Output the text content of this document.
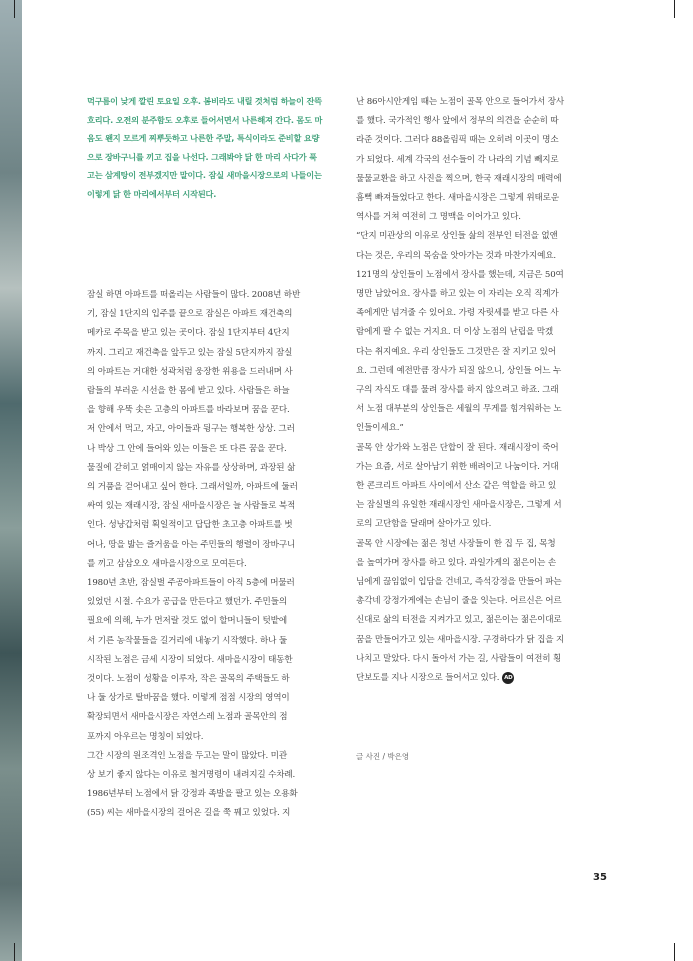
먹구름이 낮게 깔린 토요일 오후. 봄비라도 내릴 것처럼 하늘이 잔뜩

흐리다. 오전의 분주함도 오후로 들어서면서 나른해져 간다. 몸도 마

음도 왠지 모르게 찌뿌듯하고 나른한 주말, 특식이라도 준비할 요량

으로 장바구니를 끼고 집을 나선다. 그래봐야 닭 한 마리 사다가 푹

고는 삼계탕이 전부겠지만 말이다. 잠실 새마을시장으로의 나들이는

이렇게 닭 한 마리에서부터 시작된다.

잠실 하면 아파트를 떠올리는 사람들이 많다. 2008년 하반

기, 잠실 1단지의 입주를 끝으로 잠실은 아파트 재건축의

메카로 주목을 받고 있는 곳이다. 잠실 1단지부터 4단지

까지. 그리고 재건축을 앞두고 있는 잠실 5단지까지 잠실

의 아파트는 거대한 성곽처럼 웅장한 위용을 드러내며 사

람들의 부러운 시선을 한 몸에 받고 있다. 사람들은 하늘

을 향해 우뚝 솟은 고층의 아파트를 바라보며 꿈을 꾼다.

저 안에서 먹고, 자고, 아이들과 뒹구는 행복한 상상. 그러

나 박상 그 안에 들어와 있는 이들은 또 다른 꿈을 꾼다.

물질에 갇히고 얽매이지 않는 자유를 상상하며, 과장된 삶

의 거품을 걷어내고 싶어 한다. 그래서일까, 아파트에 둘러

싸여 있는 재래시장, 잠실 새마을시장은 늘 사람들로 북적

인다. 성냥갑처럼 획일적이고 답답한 초고층 아파트를 벗

어나, 땅을 밟는 즐거움을 아는 주민들의 행렬이 장바구니

를 끼고 삼삼오오 새마을시장으로 모여든다.

1980년 초반, 잠실벌 주공아파트들이 아직 5층에 머물러

있었던 시절. 수요가 공급을 만든다고 했던가. 주민들의

필요에 의해, 누가 먼저랄 것도 없이 할머니들이 텃밭에

서 기른 농작물들을 길거리에 내놓기 시작했다. 하나 둘

시작된 노점은 금세 시장이 되었다. 새마을시장이 태동한

것이다. 노점이 성황을 이루자, 작은 골목의 주택들도 하

나 둘 상가로 탈바꿈을 했다. 이렇게 점점 시장의 영역이

확장되면서 새마을시장은 자연스레 노점과 골목안의 점

포까지 아우르는 명칭이 되었다.

그간 시장의 원조격인 노점을 두고는 말이 많았다. 미관

상 보기 좋지 않다는 이유로 철거명령이 내려지길 수차례.

1986년부터 노점에서 닭 강정과 족발을 팔고 있는 오용화

(55) 씨는 새마을시장의 걸어온 길을 쭉 꿰고 있었다. 지

난 86아시안게임 때는 노점이 골목 안으로 들어가서 장사

를 했다. 국가적인 행사 앞에서 정부의 의견을 순순히 따

라준 것이다. 그러다 88올림픽 때는 오히려 이곳이 명소

가 되었다. 세계 각국의 선수들이 각 나라의 기념 뻬지로

물물교환을 하고 사진을 찍으며, 한국 재래시장의 매력에

흠뻑 빠져들었다고 한다. 새마을시장은 그렇게 위태로운

역사를 거쳐 여전히 그 명맥을 이어가고 있다.

“단지 미관상의 이유로 상인들 삶의 전부인 터전을 없앤

다는 것은, 우리의 목숨을 앗아가는 것과 마찬가지예요.

121명의 상인들이 노점에서 장사를 했는데, 지금은 50여

명만 남았어요. 장사를 하고 있는 이 자리는 오직 직계가

족에게만 넘겨줄 수 있어요. 가령 자릿세를 받고 다른 사

람에게 팔 수 없는 거지요. 더 이상 노점의 난립을 막겠

다는 취지예요. 우리 상인들도 그것만은 잘 지키고 있어

요. 그런데 예전만큼 장사가 되질 않으니, 상인들 어느 누

구의 자식도 대를 물려 장사를 하지 않으려고 하죠. 그래

서 노점 대부분의 상인들은 세월의 무게를 힘겨워하는 노

인들이세요.”

골목 안 상가와 노점은 단합이 잘 된다. 재래시장이 죽어

가는 요즘, 서로 살아남기 위한 배려이고 나눔이다. 거대

한 콘크리트 아파트 사이에서 산소 같은 역할을 하고 있

는 잠실벌의 유일한 재래시장인 새마을시장은, 그렇게 서

로의 고단함을 달래며 살아가고 있다.

골목 안 시장에는 젊은 청년 사장들이 한 집 두 집, 목청

을 높여가며 장사를 하고 있다. 과일가게의 젊은이는 손

님에게 끊임없이 입담을 건네고, 즉석강정을 만들어 파는

총각네 강정가게에는 손님이 줄을 잇는다. 어르신은 어르

신대로 삶의 터전을 지켜가고 있고, 젊은이는 젊은이대로

꿈을 만들어가고 있는 새마을시장. 구경하다가 닭 집을 지

나치고 말았다. 다시 돌아서 가는 길, 사람들이 여전히 횡

단보도를 지나 시장으로 들어서고 있다. AD

글 사진 / 박은영
35
